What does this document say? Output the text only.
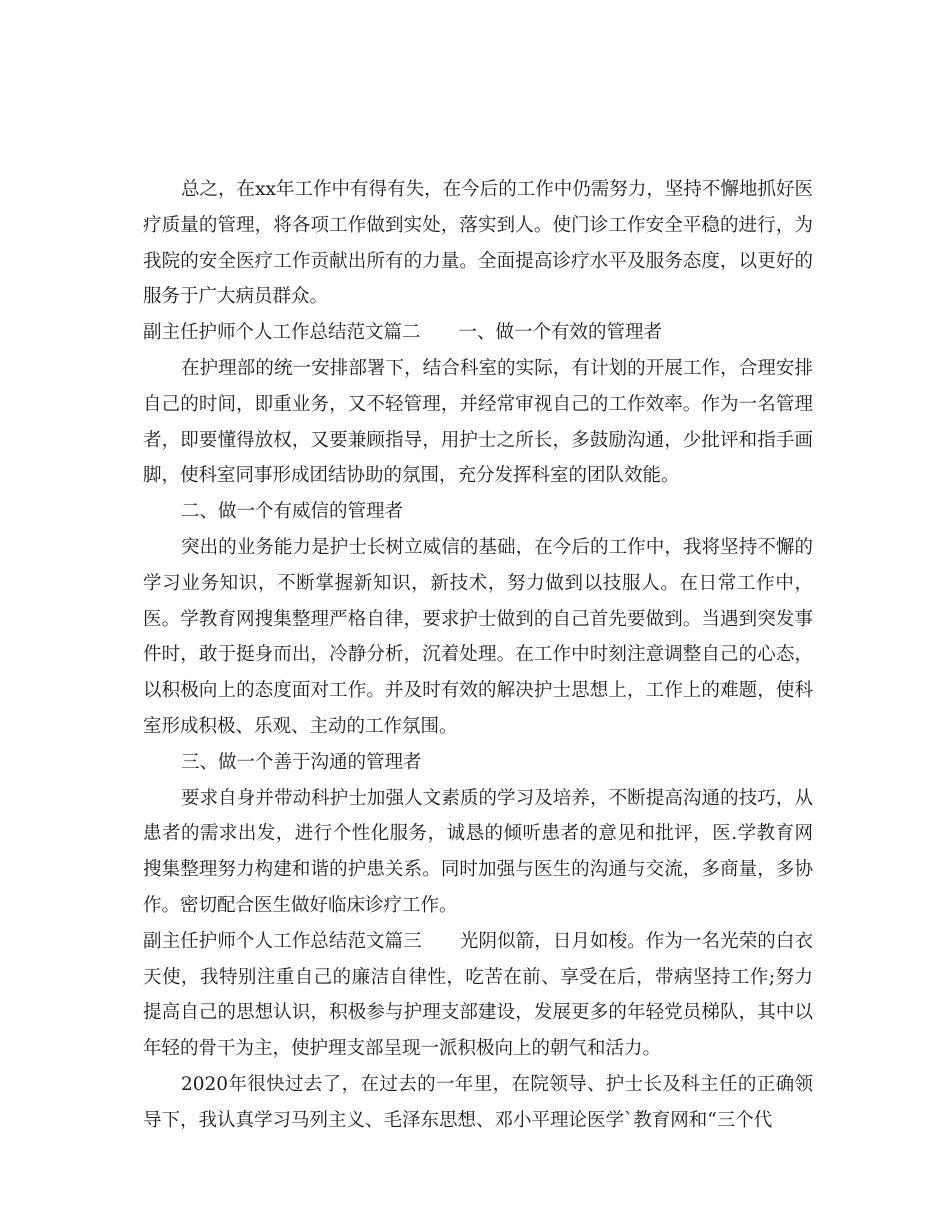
总之，在xx年工作中有得有失，在今后的工作中仍需努力，坚持不懈地抓好医疗质量的管理，将各项工作做到实处，落实到人。使门诊工作安全平稳的进行，为我院的安全医疗工作贡献出所有的力量。全面提高诊疗水平及服务态度，以更好的服务于广大病员群众。

副主任护师个人工作总结范文篇二 一、做一个有效的管理者

在护理部的统一安排部署下，结合科室的实际，有计划的开展工作，合理安排自己的时间，即重业务，又不轻管理，并经常审视自己的工作效率。作为一名管理者，即要懂得放权，又要兼顾指导，用护士之所长，多鼓励沟通，少批评和指手画脚，使科室同事形成团结协助的氛围，充分发挥科室的团队效能。

二、做一个有威信的管理者

突出的业务能力是护士长树立威信的基础，在今后的工作中，我将坚持不懈的学习业务知识，不断掌握新知识，新技术，努力做到以技服人。在日常工作中，医。学教育网搜集整理严格自律，要求护士做到的自己首先要做到。当遇到突发事件时，敢于挺身而出，冷静分析，沉着处理。在工作中时刻注意调整自己的心态，以积极向上的态度面对工作。并及时有效的解决护士思想上，工作上的难题，使科室形成积极、乐观、主动的工作氛围。

三、做一个善于沟通的管理者

要求自身并带动科护士加强人文素质的学习及培养，不断提高沟通的技巧，从患者的需求出发，进行个性化服务，诚恳的倾听患者的意见和批评，医.学教育网搜集整理努力构建和谐的护患关系。同时加强与医生的沟通与交流，多商量，多协作。密切配合医生做好临床诊疗工作。

副主任护师个人工作总结范文篇三 光阴似箭，日月如梭。作为一名光荣的白衣天使，我特别注重自己的廉洁自律性，吃苦在前、享受在后，带病坚持工作;努力提高自己的思想认识，积极参与护理支部建设，发展更多的年轻党员梯队，其中以年轻的骨干为主，使护理支部呈现一派积极向上的朝气和活力。

2020年很快过去了，在过去的一年里，在院领导、护士长及科主任的正确领导下，我认真学习马列主义、毛泽东思想、邓小平理论医学`教育网和“三个代
